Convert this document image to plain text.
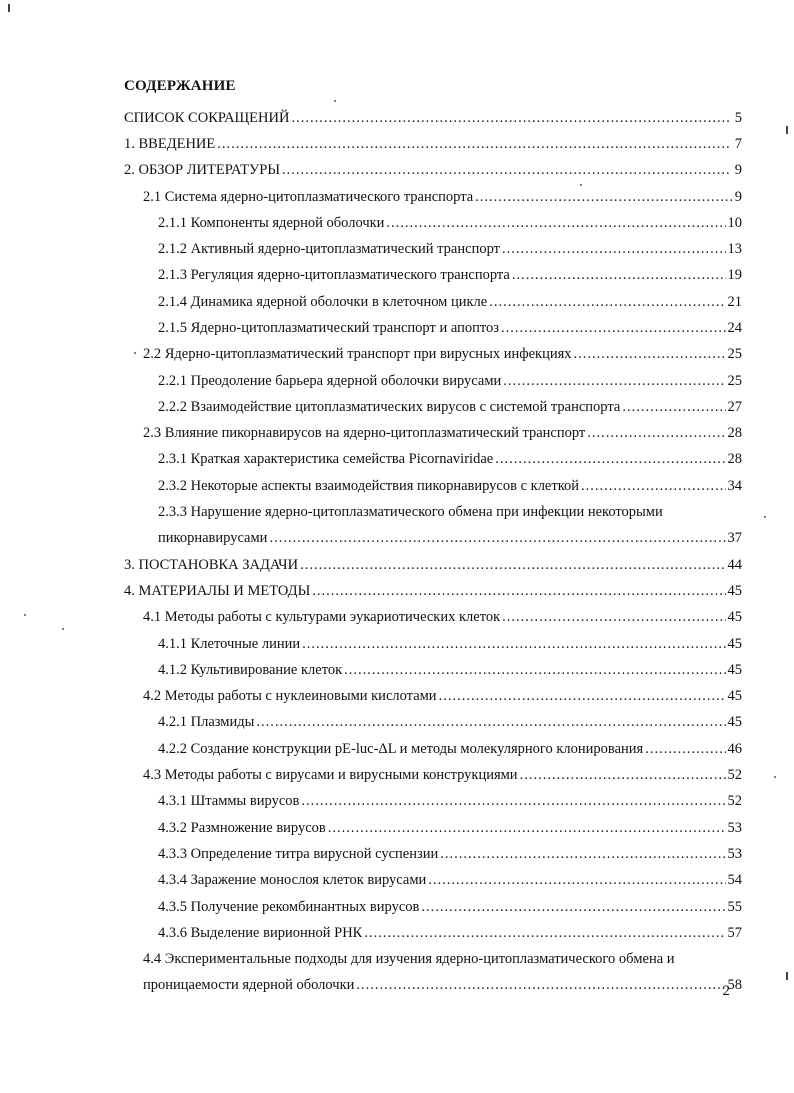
СОДЕРЖАНИЕ
СПИСОК СОКРАЩЕНИЙ .....	5
1. ВВЕДЕНИЕ .....	7
2. ОБЗОР ЛИТЕРАТУРЫ .....	9
2.1 Система ядерно-цитоплазматического транспорта .....	9
2.1.1 Компоненты ядерной оболочки .....	10
2.1.2 Активный ядерно-цитоплазматический транспорт .....	13
2.1.3 Регуляция ядерно-цитоплазматического транспорта .....	19
2.1.4 Динамика ядерной оболочки в клеточном цикле .....	21
2.1.5 Ядерно-цитоплазматический транспорт и апоптоз .....	24
2.2 Ядерно-цитоплазматический транспорт при вирусных инфекциях .....	25
2.2.1 Преодоление барьера ядерной оболочки вирусами .....	25
2.2.2 Взаимодействие цитоплазматических вирусов с системой транспорта .....	27
2.3 Влияние пикорнавирусов на ядерно-цитоплазматический транспорт .....	28
2.3.1 Краткая характеристика семейства Picornaviridae .....	28
2.3.2 Некоторые аспекты взаимодействия пикорнавирусов с клеткой .....	34
2.3.3 Нарушение ядерно-цитоплазматического обмена при инфекции некоторыми
пикорнавирусами .....	37
3. ПОСТАНОВКА ЗАДАЧИ .....	44
4. МАТЕРИАЛЫ И МЕТОДЫ .....	45
4.1 Методы работы с культурами эукариотических клеток .....	45
4.1.1 Клеточные линии .....	45
4.1.2 Культивирование клеток .....	45
4.2 Методы работы с нуклеиновыми кислотами .....	45
4.2.1 Плазмиды .....	45
4.2.2 Создание конструкции pE-luc-ΔL и методы молекулярного клонирования .....	46
4.3 Методы работы с вирусами и вирусными конструкциями .....	52
4.3.1 Штаммы вирусов .....	52
4.3.2 Размножение вирусов .....	53
4.3.3 Определение титра вирусной суспензии .....	53
4.3.4 Заражение монослоя клеток вирусами .....	54
4.3.5 Получение рекомбинантных вирусов .....	55
4.3.6 Выделение вирионной РНК .....	57
4.4 Экспериментальные подходы для изучения ядерно-цитоплазматического обмена и
проницаемости ядерной оболочки .....	58
2
